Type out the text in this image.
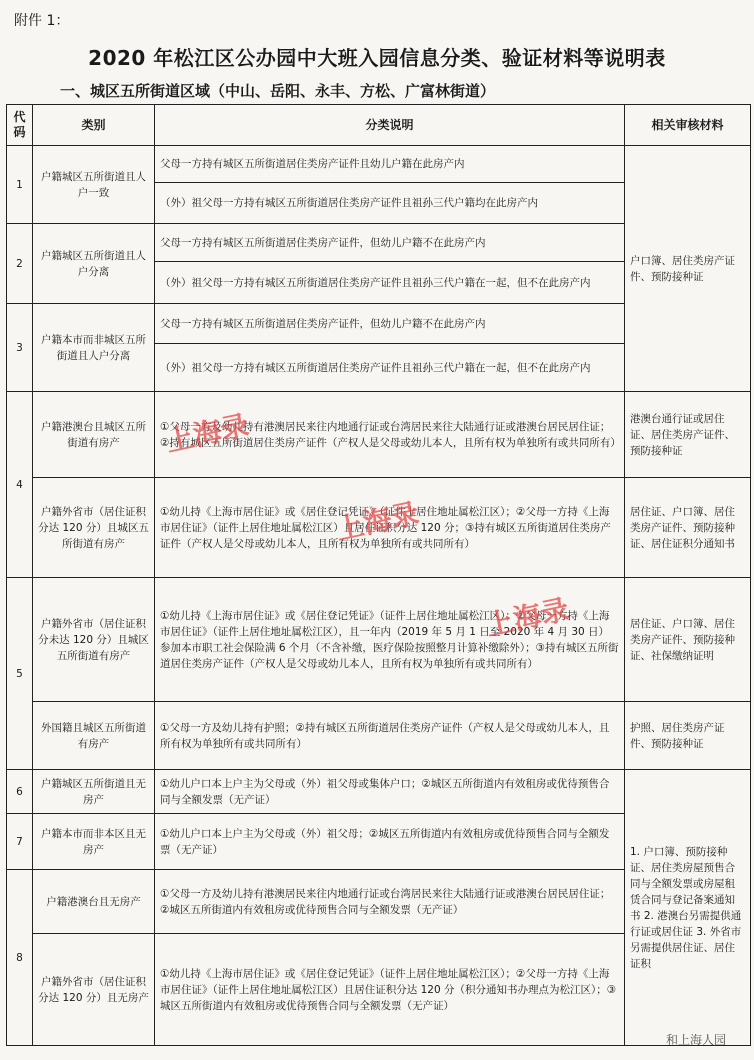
附件 1：
2020 年松江区公办园中大班入园信息分类、验证材料等说明表
一、城区五所街道区域（中山、岳阳、永丰、方松、广富林街道）
代码	类别	分类说明	相关审核材料
1	户籍城区五所街道且人户一致	父母一方持有城区五所街道居住类房产证件且幼儿户籍在此房产内	户口簿、居住类房产证件、预防接种证
		（外）祖父母一方持有城区五所街道居住类房产证件且祖孙三代户籍均在此房产内	
2	户籍城区五所街道且人户分离	父母一方持有城区五所街道居住类房产证件，但幼儿户籍不在此房产内	
		（外）祖父母一方持有城区五所街道居住类房产证件且祖孙三代户籍在一起，但不在此房产内	
3	户籍本市而非城区五所街道且人户分离	父母一方持有城区五所街道居住类房产证件，但幼儿户籍不在此房产内	
		（外）祖父母一方持有城区五所街道居住类房产证件且祖孙三代户籍在一起，但不在此房产内	
4	户籍港澳台且城区五所街道有房产	①父母一方及幼儿持有港澳居民来往内地通行证或台湾居民来往大陆通行证或港澳台居民居住证；②持有城区五所街道居住类房产证件（产权人是父母或幼儿本人，且所有权为单独所有或共同所有）	港澳台通行证或居住证、居住类房产证件、预防接种证
	户籍外省市（居住证积分达 120 分）且城区五所街道有房产	①幼儿持《上海市居住证》或《居住登记凭证》（证件上居住地址属松江区）；②父母一方持《上海市居住证》（证件上居住地址属松江区）且居住证积分达 120 分；③持有城区五所街道居住类房产证件（产权人是父母或幼儿本人，且所有权为单独所有或共同所有）	居住证、户口簿、居住类房产证件、预防接种证、居住证积分通知书
5	户籍外省市（居住证积分未达 120 分）且城区五所街道有房产	①幼儿持《上海市居住证》或《居住登记凭证》（证件上居住地址属松江区）；②父母一方持《上海市居住证》（证件上居住地址属松江区），且一年内（2019 年 5 月 1 日至 2020 年 4 月 30 日）参加本市职工社会保险满 6 个月（不含补缴，医疗保险按照整月计算补缴除外）；③持有城区五所街道居住类房产证件（产权人是父母或幼儿本人，且所有权为单独所有或共同所有）	居住证、户口簿、居住类房产证件、预防接种证、社保缴纳证明
	外国籍且城区五所街道有房产	①父母一方及幼儿持有护照；②持有城区五所街道居住类房产证件（产权人是父母或幼儿本人，且所有权为单独所有或共同所有）	护照、居住类房产证件、预防接种证
6	户籍城区五所街道且无房产	①幼儿户口本上户主为父母或（外）祖父母或集体户口；②城区五所街道内有效租房或优待预售合同与全额发票（无产证）	1. 户口簿、预防接种证、居住类房屋预售合同与全额发票或房屋租赁合同与登记备案通知书 2. 港澳台另需提供通行证或居住证 3. 外省市另需提供居住证、居住证积
7	户籍本市而非本区且无房产	①幼儿户口本上户主为父母或（外）祖父母；②城区五所街道内有效租房或优待预售合同与全额发票（无产证）	
8	户籍港澳台且无房产	①父母一方及幼儿持有港澳居民来往内地通行证或台湾居民来往大陆通行证或港澳台居民居住证；②城区五所街道内有效租房或优待预售合同与全额发票（无产证）	
	户籍外省市（居住证积分达 120 分）且无房产	①幼儿持《上海市居住证》或《居住登记凭证》（证件上居住地址属松江区）；②父母一方持《上海市居住证》（证件上居住地址属松江区）且居住证积分达 120 分（积分通知书办理点为松江区）；③城区五所街道内有效租房或优待预售合同与全额发票（无产证）	
上海录
上海录
上海录
和上海人园
